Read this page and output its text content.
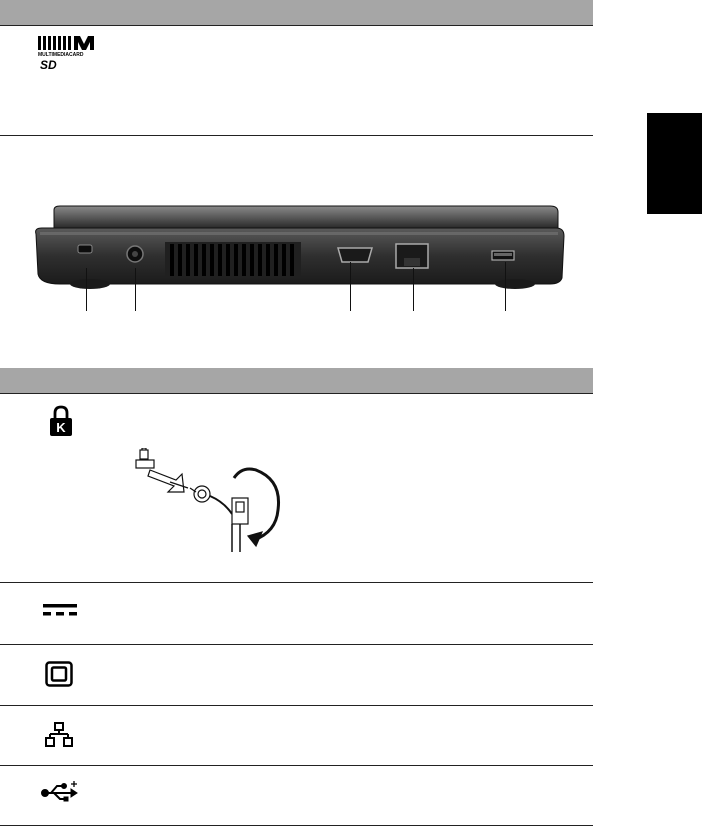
MULTIMEDIACARD
SD
K
